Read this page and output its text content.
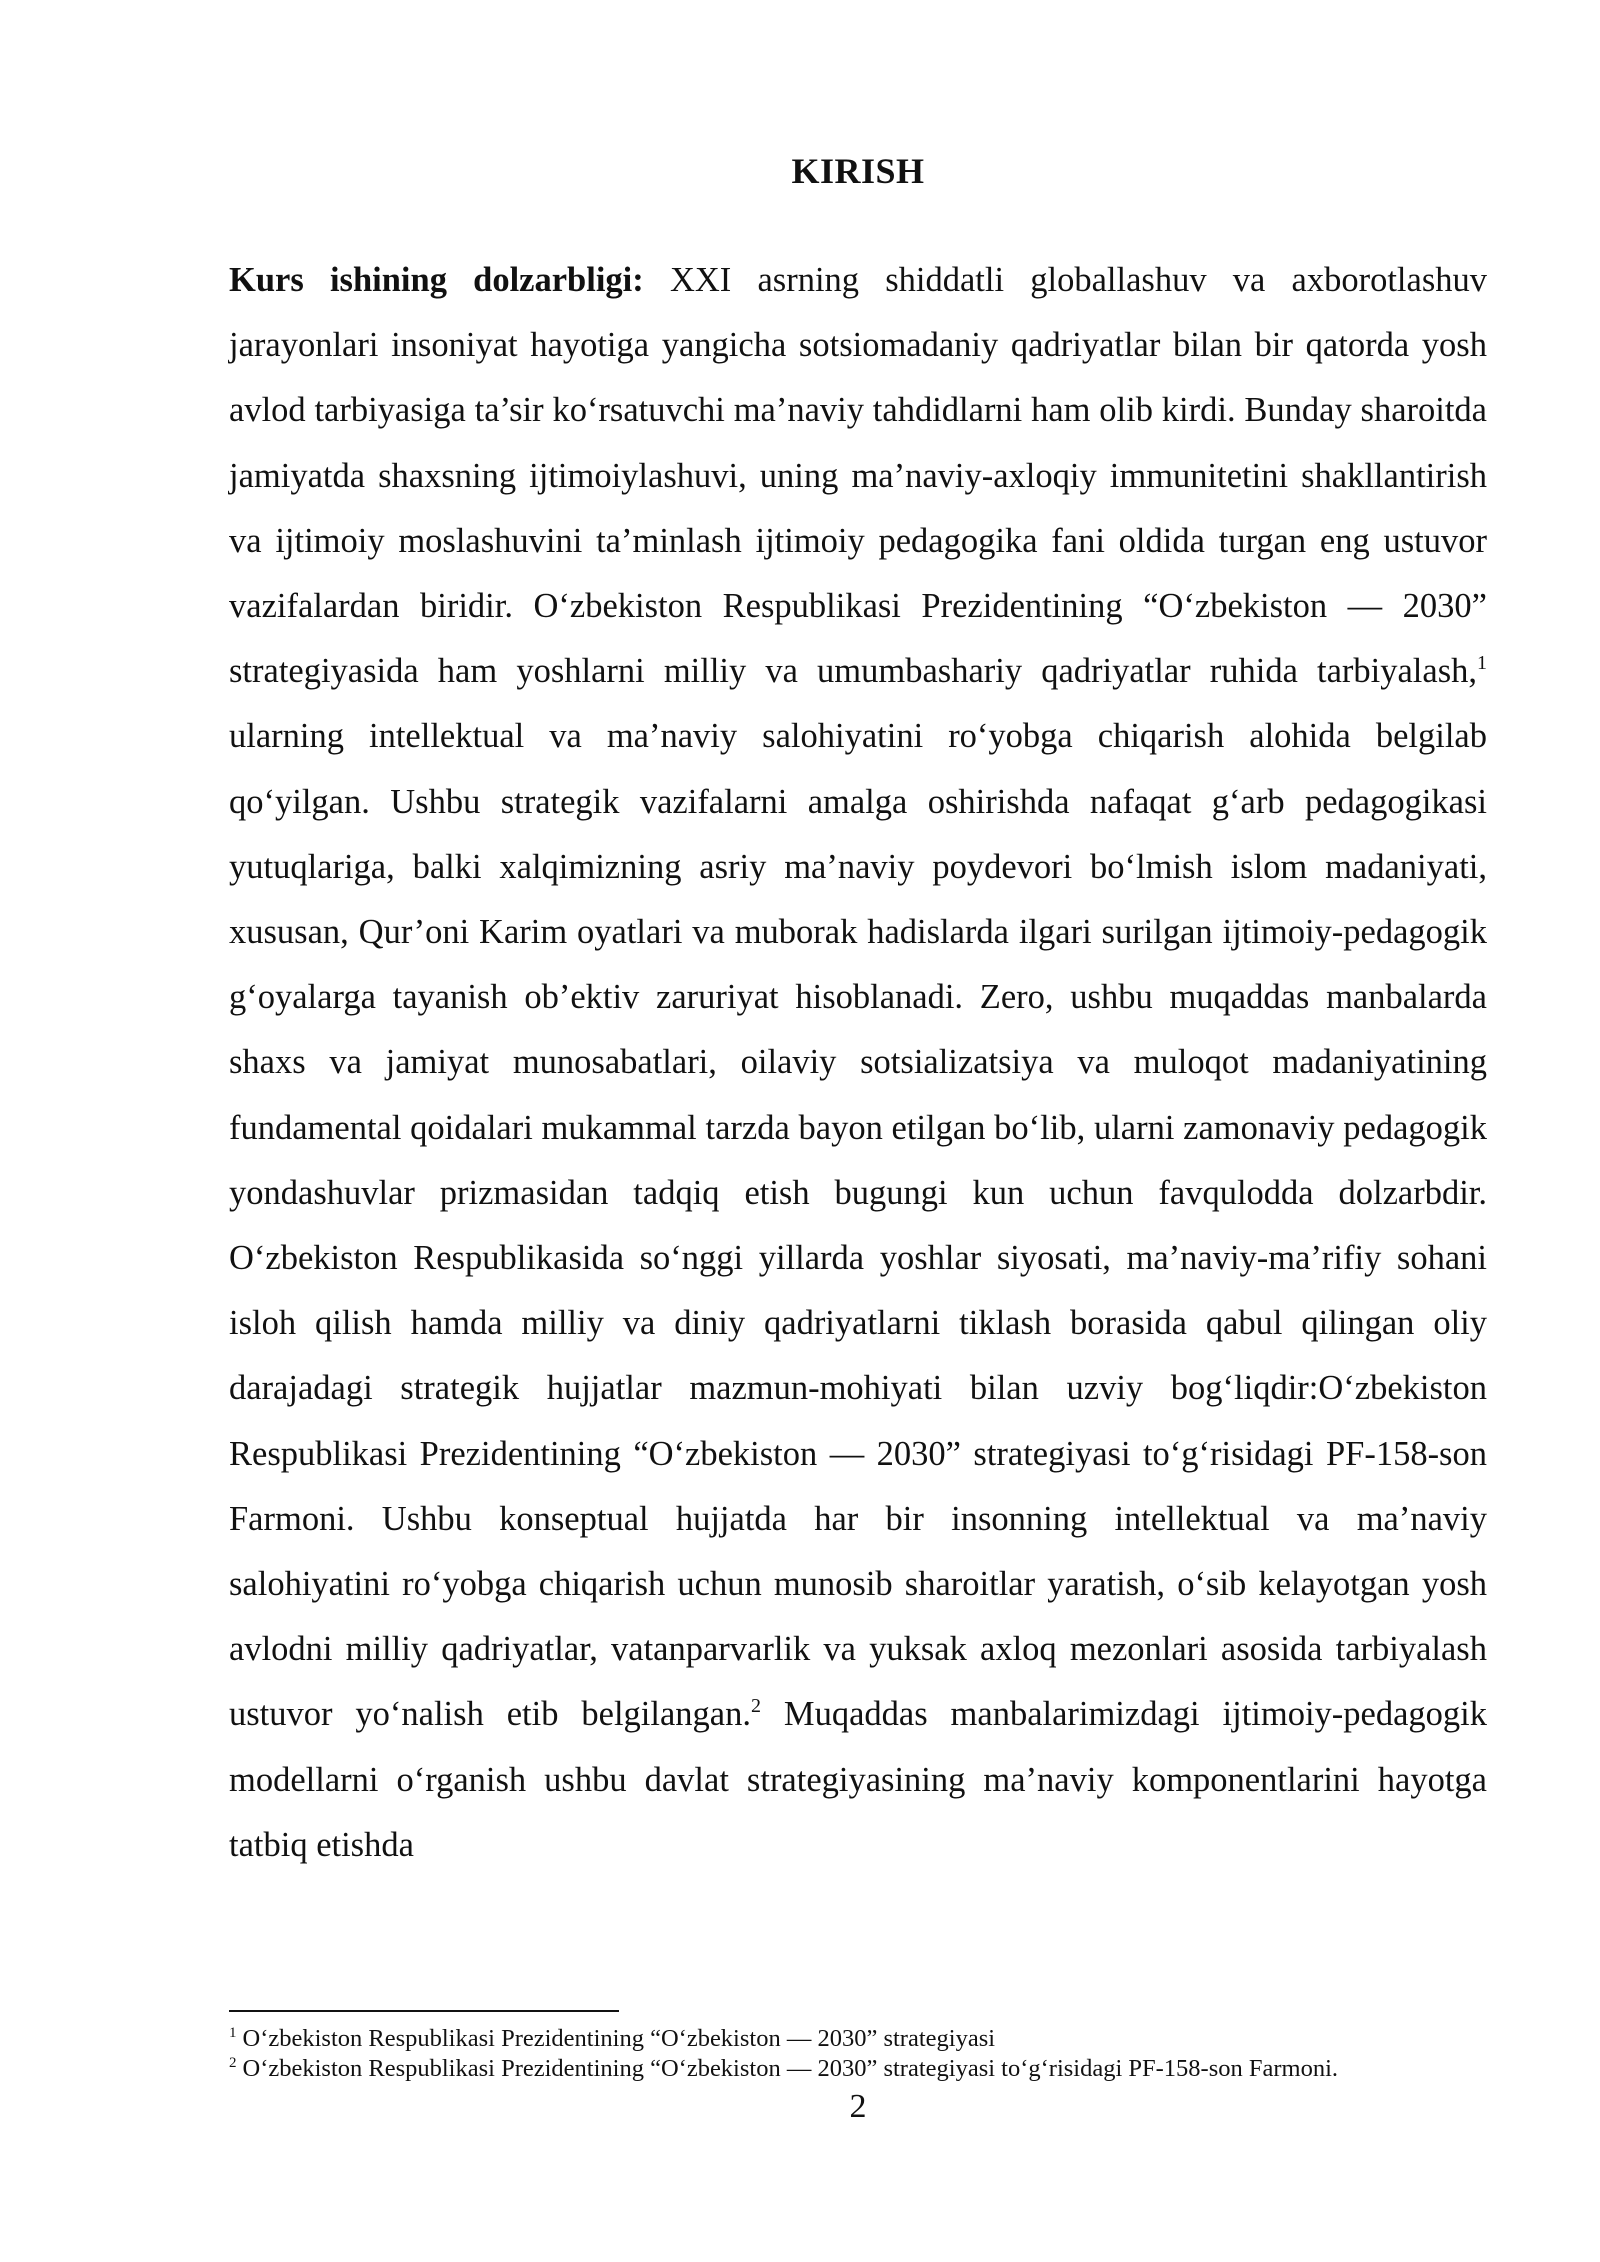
KIRISH

Kurs ishining dolzarbligi: XXI asrning shiddatli globallashuv va axborotlashuv jarayonlari insoniyat hayotiga yangicha sotsiomadaniy qadriyatlar bilan bir qatorda yosh avlod tarbiyasiga ta’sir ko‘rsatuvchi ma’naviy tahdidlarni ham olib kirdi. Bunday sharoitda jamiyatda shaxsning ijtimoiylashuvi, uning ma’naviy-axloqiy immunitetini shakllantirish va ijtimoiy moslashuvini ta’minlash ijtimoiy pedagogika fani oldida turgan eng ustuvor vazifalardan biridir. O‘zbekiston Respublikasi Prezidentining “O‘zbekiston — 2030” strategiyasida ham yoshlarni milliy va umumbashariy qadriyatlar ruhida tarbiyalash,$^1$ ularning intellektual va ma’naviy salohiyatini ro‘yobga chiqarish alohida belgilab qo‘yilgan. Ushbu strategik vazifalarni amalga oshirishda nafaqat g‘arb pedagogikasi yutuqlariga, balki xalqimizning asriy ma’naviy poydevori bo‘lmish islom madaniyati, xususan, Qur’oni Karim oyatlari va muborak hadislarda ilgari surilgan ijtimoiy-pedagogik g‘oyalarga tayanish ob’ektiv zaruriyat hisoblanadi. Zero, ushbu muqaddas manbalarda shaxs va jamiyat munosabatlari, oilaviy sotsializatsiya va muloqot madaniyatining fundamental qoidalari mukammal tarzda bayon etilgan bo‘lib, ularni zamonaviy pedagogik yondashuvlar prizmasidan tadqiq etish bugungi kun uchun favqulodda dolzarbdir. O‘zbekiston Respublikasida so‘nggi yillarda yoshlar siyosati, ma’naviy-ma’rifiy sohani isloh qilish hamda milliy va diniy qadriyatlarni tiklash borasida qabul qilingan oliy darajadagi strategik hujjatlar mazmun-mohiyati bilan uzviy bog‘liqdir:O‘zbekiston Respublikasi Prezidentining “O‘zbekiston — 2030” strategiyasi to‘g‘risidagi PF-158-son Farmoni. Ushbu konseptual hujjatda har bir insonning intellektual va ma’naviy salohiyatini ro‘yobga chiqarish uchun munosib sharoitlar yaratish, o‘sib kelayotgan yosh avlodni milliy qadriyatlar, vatanparvarlik va yuksak axloq mezonlari asosida tarbiyalash ustuvor yo‘nalish etib belgilangan.$^2$ Muqaddas manbalarimizdagi ijtimoiy-pedagogik modellarni o‘rganish ushbu davlat strategiyasining ma’naviy komponentlarini hayotga tatbiq etishda

$^1$ O‘zbekiston Respublikasi Prezidentining “O‘zbekiston — 2030” strategiyasi
$^2$ O‘zbekiston Respublikasi Prezidentining “O‘zbekiston — 2030” strategiyasi to‘g‘risidagi PF-158-son Farmoni.
2
